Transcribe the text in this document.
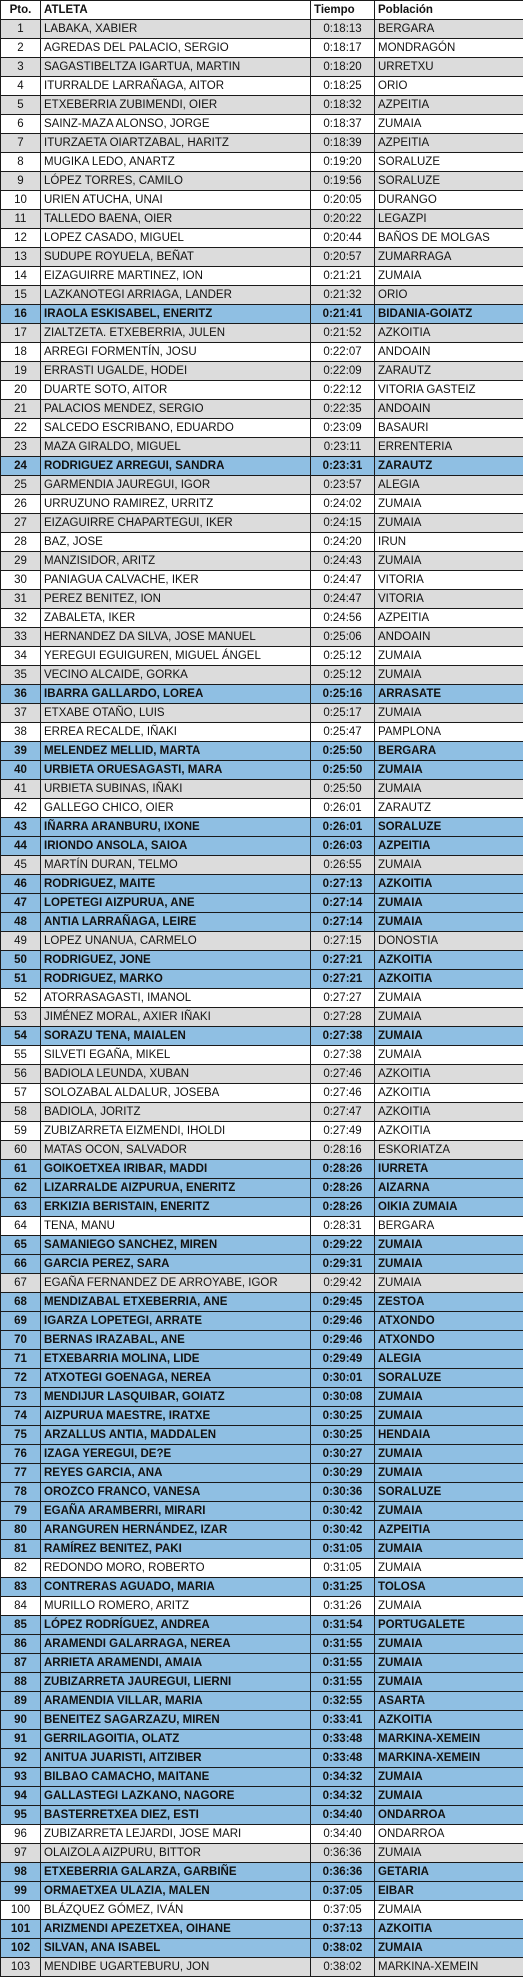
Pto.	ATLETA	Tiempo	Población
1	LABAKA, XABIER	0:18:13	BERGARA
2	AGREDAS DEL PALACIO, SERGIO	0:18:17	MONDRAGÓN
3	SAGASTIBELTZA IGARTUA, MARTIN	0:18:20	URRETXU
4	ITURRALDE LARRAÑAGA, AITOR	0:18:25	ORIO
5	ETXEBERRIA ZUBIMENDI, OIER	0:18:32	AZPEITIA
6	SAINZ-MAZA ALONSO, JORGE	0:18:37	ZUMAIA
7	ITURZAETA OIARTZABAL, HARITZ	0:18:39	AZPEITIA
8	MUGIKA LEDO, ANARTZ	0:19:20	SORALUZE
9	LÓPEZ TORRES, CAMILO	0:19:56	SORALUZE
10	URIEN ATUCHA, UNAI	0:20:05	DURANGO
11	TALLEDO BAENA, OIER	0:20:22	LEGAZPI
12	LOPEZ CASADO, MIGUEL	0:20:44	BAÑOS DE MOLGAS
13	SUDUPE ROYUELA, BEÑAT	0:20:57	ZUMARRAGA
14	EIZAGUIRRE MARTINEZ, ION	0:21:21	ZUMAIA
15	LAZKANOTEGI ARRIAGA, LANDER	0:21:32	ORIO
16	IRAOLA ESKISABEL, ENERITZ	0:21:41	BIDANIA-GOIATZ
17	ZIALTZETA. ETXEBERRIA, JULEN	0:21:52	AZKOITIA
18	ARREGI FORMENTÍN, JOSU	0:22:07	ANDOAIN
19	ERRASTI UGALDE, HODEI	0:22:09	ZARAUTZ
20	DUARTE SOTO, AITOR	0:22:12	VITORIA GASTEIZ
21	PALACIOS MENDEZ, SERGIO	0:22:35	ANDOAIN
22	SALCEDO ESCRIBANO, EDUARDO	0:23:09	BASAURI
23	MAZA GIRALDO, MIGUEL	0:23:11	ERRENTERIA
24	RODRIGUEZ ARREGUI, SANDRA	0:23:31	ZARAUTZ
25	GARMENDIA JAUREGUI, IGOR	0:23:57	ALEGIA
26	URRUZUNO RAMIREZ, URRITZ	0:24:02	ZUMAIA
27	EIZAGUIRRE CHAPARTEGUI, IKER	0:24:15	ZUMAIA
28	BAZ, JOSE	0:24:20	IRUN
29	MANZISIDOR, ARITZ	0:24:43	ZUMAIA
30	PANIAGUA CALVACHE, IKER	0:24:47	VITORIA
31	PEREZ BENITEZ, ION	0:24:47	VITORIA
32	ZABALETA, IKER	0:24:56	AZPEITIA
33	HERNANDEZ DA SILVA, JOSE MANUEL	0:25:06	ANDOAIN
34	YEREGUI EGUIGUREN, MIGUEL ÁNGEL	0:25:12	ZUMAIA
35	VECINO ALCAIDE, GORKA	0:25:12	ZUMAIA
36	IBARRA GALLARDO, LOREA	0:25:16	ARRASATE
37	ETXABE OTAÑO, LUIS	0:25:17	ZUMAIA
38	ERREA RECALDE, IÑAKI	0:25:47	PAMPLONA
39	MELENDEZ MELLID, MARTA	0:25:50	BERGARA
40	URBIETA ORUESAGASTI, MARA	0:25:50	ZUMAIA
41	URBIETA SUBINAS, IÑAKI	0:25:50	ZUMAIA
42	GALLEGO CHICO, OIER	0:26:01	ZARAUTZ
43	IÑARRA ARANBURU, IXONE	0:26:01	SORALUZE
44	IRIONDO ANSOLA, SAIOA	0:26:03	AZPEITIA
45	MARTÍN DURAN, TELMO	0:26:55	ZUMAIA
46	RODRIGUEZ, MAITE	0:27:13	AZKOITIA
47	LOPETEGI AIZPURUA, ANE	0:27:14	ZUMAIA
48	ANTIA LARRAÑAGA, LEIRE	0:27:14	ZUMAIA
49	LOPEZ UNANUA, CARMELO	0:27:15	DONOSTIA
50	RODRIGUEZ, JONE	0:27:21	AZKOITIA
51	RODRIGUEZ, MARKO	0:27:21	AZKOITIA
52	ATORRASAGASTI, IMANOL	0:27:27	ZUMAIA
53	JIMÉNEZ MORAL, AXIER IÑAKI	0:27:28	ZUMAIA
54	SORAZU TENA, MAIALEN	0:27:38	ZUMAIA
55	SILVETI EGAÑA, MIKEL	0:27:38	ZUMAIA
56	BADIOLA LEUNDA, XUBAN	0:27:46	AZKOITIA
57	SOLOZABAL ALDALUR, JOSEBA	0:27:46	AZKOITIA
58	BADIOLA, JORITZ	0:27:47	AZKOITIA
59	ZUBIZARRETA EIZMENDI, IHOLDI	0:27:49	AZKOITIA
60	MATAS OCON, SALVADOR	0:28:16	ESKORIATZA
61	GOIKOETXEA IRIBAR, MADDI	0:28:26	IURRETA
62	LIZARRALDE AIZPURUA, ENERITZ	0:28:26	AIZARNA
63	ERKIZIA BERISTAIN, ENERITZ	0:28:26	OIKIA ZUMAIA
64	TENA, MANU	0:28:31	BERGARA
65	SAMANIEGO SANCHEZ, MIREN	0:29:22	ZUMAIA
66	GARCIA PEREZ, SARA	0:29:31	ZUMAIA
67	EGAÑA FERNANDEZ DE ARROYABE, IGOR	0:29:42	ZUMAIA
68	MENDIZABAL ETXEBERRIA, ANE	0:29:45	ZESTOA
69	IGARZA LOPETEGI, ARRATE	0:29:46	ATXONDO
70	BERNAS IRAZABAL, ANE	0:29:46	ATXONDO
71	ETXEBARRIA MOLINA, LIDE	0:29:49	ALEGIA
72	ATXOTEGI GOENAGA, NEREA	0:30:01	SORALUZE
73	MENDIJUR LASQUIBAR, GOIATZ	0:30:08	ZUMAIA
74	AIZPURUA MAESTRE, IRATXE	0:30:25	ZUMAIA
75	ARZALLUS ANTIA, MADDALEN	0:30:25	HENDAIA
76	IZAGA YEREGUI, DE?E	0:30:27	ZUMAIA
77	REYES GARCIA, ANA	0:30:29	ZUMAIA
78	OROZCO FRANCO, VANESA	0:30:36	SORALUZE
79	EGAÑA ARAMBERRI, MIRARI	0:30:42	ZUMAIA
80	ARANGUREN HERNÁNDEZ, IZAR	0:30:42	AZPEITIA
81	RAMÍREZ BENITEZ, PAKI	0:31:05	ZUMAIA
82	REDONDO MORO, ROBERTO	0:31:05	ZUMAIA
83	CONTRERAS AGUADO, MARIA	0:31:25	TOLOSA
84	MURILLO ROMERO, ARITZ	0:31:26	ZUMAIA
85	LÓPEZ RODRÍGUEZ, ANDREA	0:31:54	PORTUGALETE
86	ARAMENDI GALARRAGA, NEREA	0:31:55	ZUMAIA
87	ARRIETA ARAMENDI, AMAIA	0:31:55	ZUMAIA
88	ZUBIZARRETA JAUREGUI, LIERNI	0:31:55	ZUMAIA
89	ARAMENDIA VILLAR, MARIA	0:32:55	ASARTA
90	BENEITEZ SAGARZAZU, MIREN	0:33:41	AZKOITIA
91	GERRILAGOITIA, OLATZ	0:33:48	MARKINA-XEMEIN
92	ANITUA JUARISTI, AITZIBER	0:33:48	MARKINA-XEMEIN
93	BILBAO CAMACHO, MAITANE	0:34:32	ZUMAIA
94	GALLASTEGI LAZKANO, NAGORE	0:34:32	ZUMAIA
95	BASTERRETXEA DIEZ, ESTI	0:34:40	ONDARROA
96	ZUBIZARRETA LEJARDI, JOSE MARI	0:34:40	ONDARROA
97	OLAIZOLA AIZPURU, BITTOR	0:36:36	ZUMAIA
98	ETXEBERRIA GALARZA, GARBIÑE	0:36:36	GETARIA
99	ORMAETXEA ULAZIA, MALEN	0:37:05	EIBAR
100	BLÁZQUEZ GÓMEZ, IVÁN	0:37:05	ZUMAIA
101	ARIZMENDI APEZETXEA, OIHANE	0:37:13	AZKOITIA
102	SILVAN, ANA ISABEL	0:38:02	ZUMAIA
103	MENDIBE UGARTEBURU, JON	0:38:02	MARKINA-XEMEIN
